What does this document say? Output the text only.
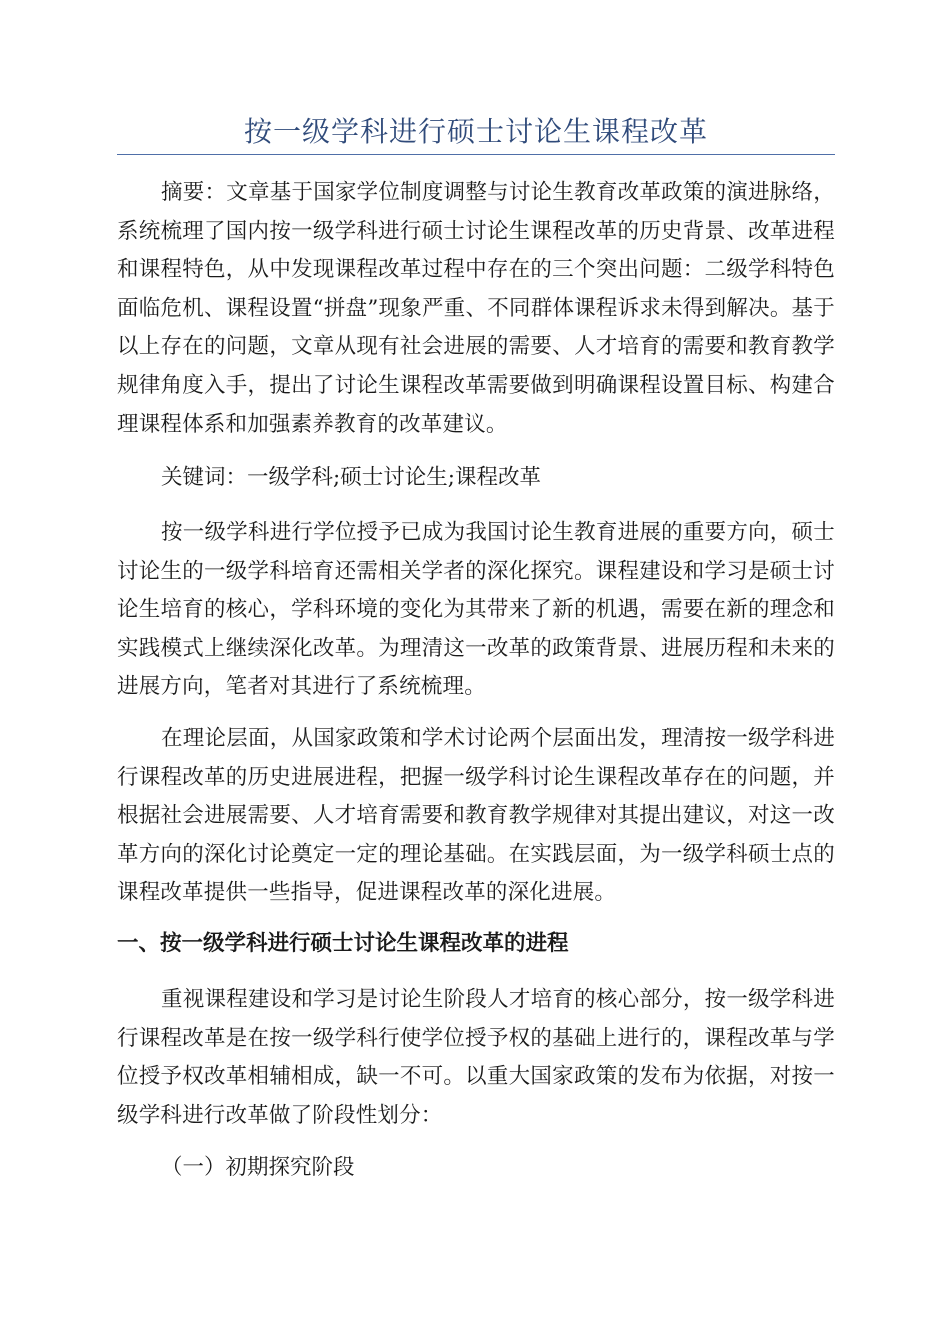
按一级学科进行硕士讨论生课程改革

摘要：文章基于国家学位制度调整与讨论生教育改革政策的演进脉络，系统梳理了国内按一级学科进行硕士讨论生课程改革的历史背景、改革进程和课程特色，从中发现课程改革过程中存在的三个突出问题：二级学科特色面临危机、课程设置“拼盘”现象严重、不同群体课程诉求未得到解决。基于以上存在的问题，文章从现有社会进展的需要、人才培育的需要和教育教学规律角度入手，提出了讨论生课程改革需要做到明确课程设置目标、构建合理课程体系和加强素养教育的改革建议。

关键词：一级学科;硕士讨论生;课程改革

按一级学科进行学位授予已成为我国讨论生教育进展的重要方向，硕士讨论生的一级学科培育还需相关学者的深化探究。课程建设和学习是硕士讨论生培育的核心，学科环境的变化为其带来了新的机遇，需要在新的理念和实践模式上继续深化改革。为理清这一改革的政策背景、进展历程和未来的进展方向，笔者对其进行了系统梳理。

在理论层面，从国家政策和学术讨论两个层面出发，理清按一级学科进行课程改革的历史进展进程，把握一级学科讨论生课程改革存在的问题，并根据社会进展需要、人才培育需要和教育教学规律对其提出建议，对这一改革方向的深化讨论奠定一定的理论基础。在实践层面，为一级学科硕士点的课程改革提供一些指导，促进课程改革的深化进展。

一、按一级学科进行硕士讨论生课程改革的进程

重视课程建设和学习是讨论生阶段人才培育的核心部分，按一级学科进行课程改革是在按一级学科行使学位授予权的基础上进行的，课程改革与学位授予权改革相辅相成，缺一不可。以重大国家政策的发布为依据，对按一级学科进行改革做了阶段性划分：

（一）初期探究阶段
